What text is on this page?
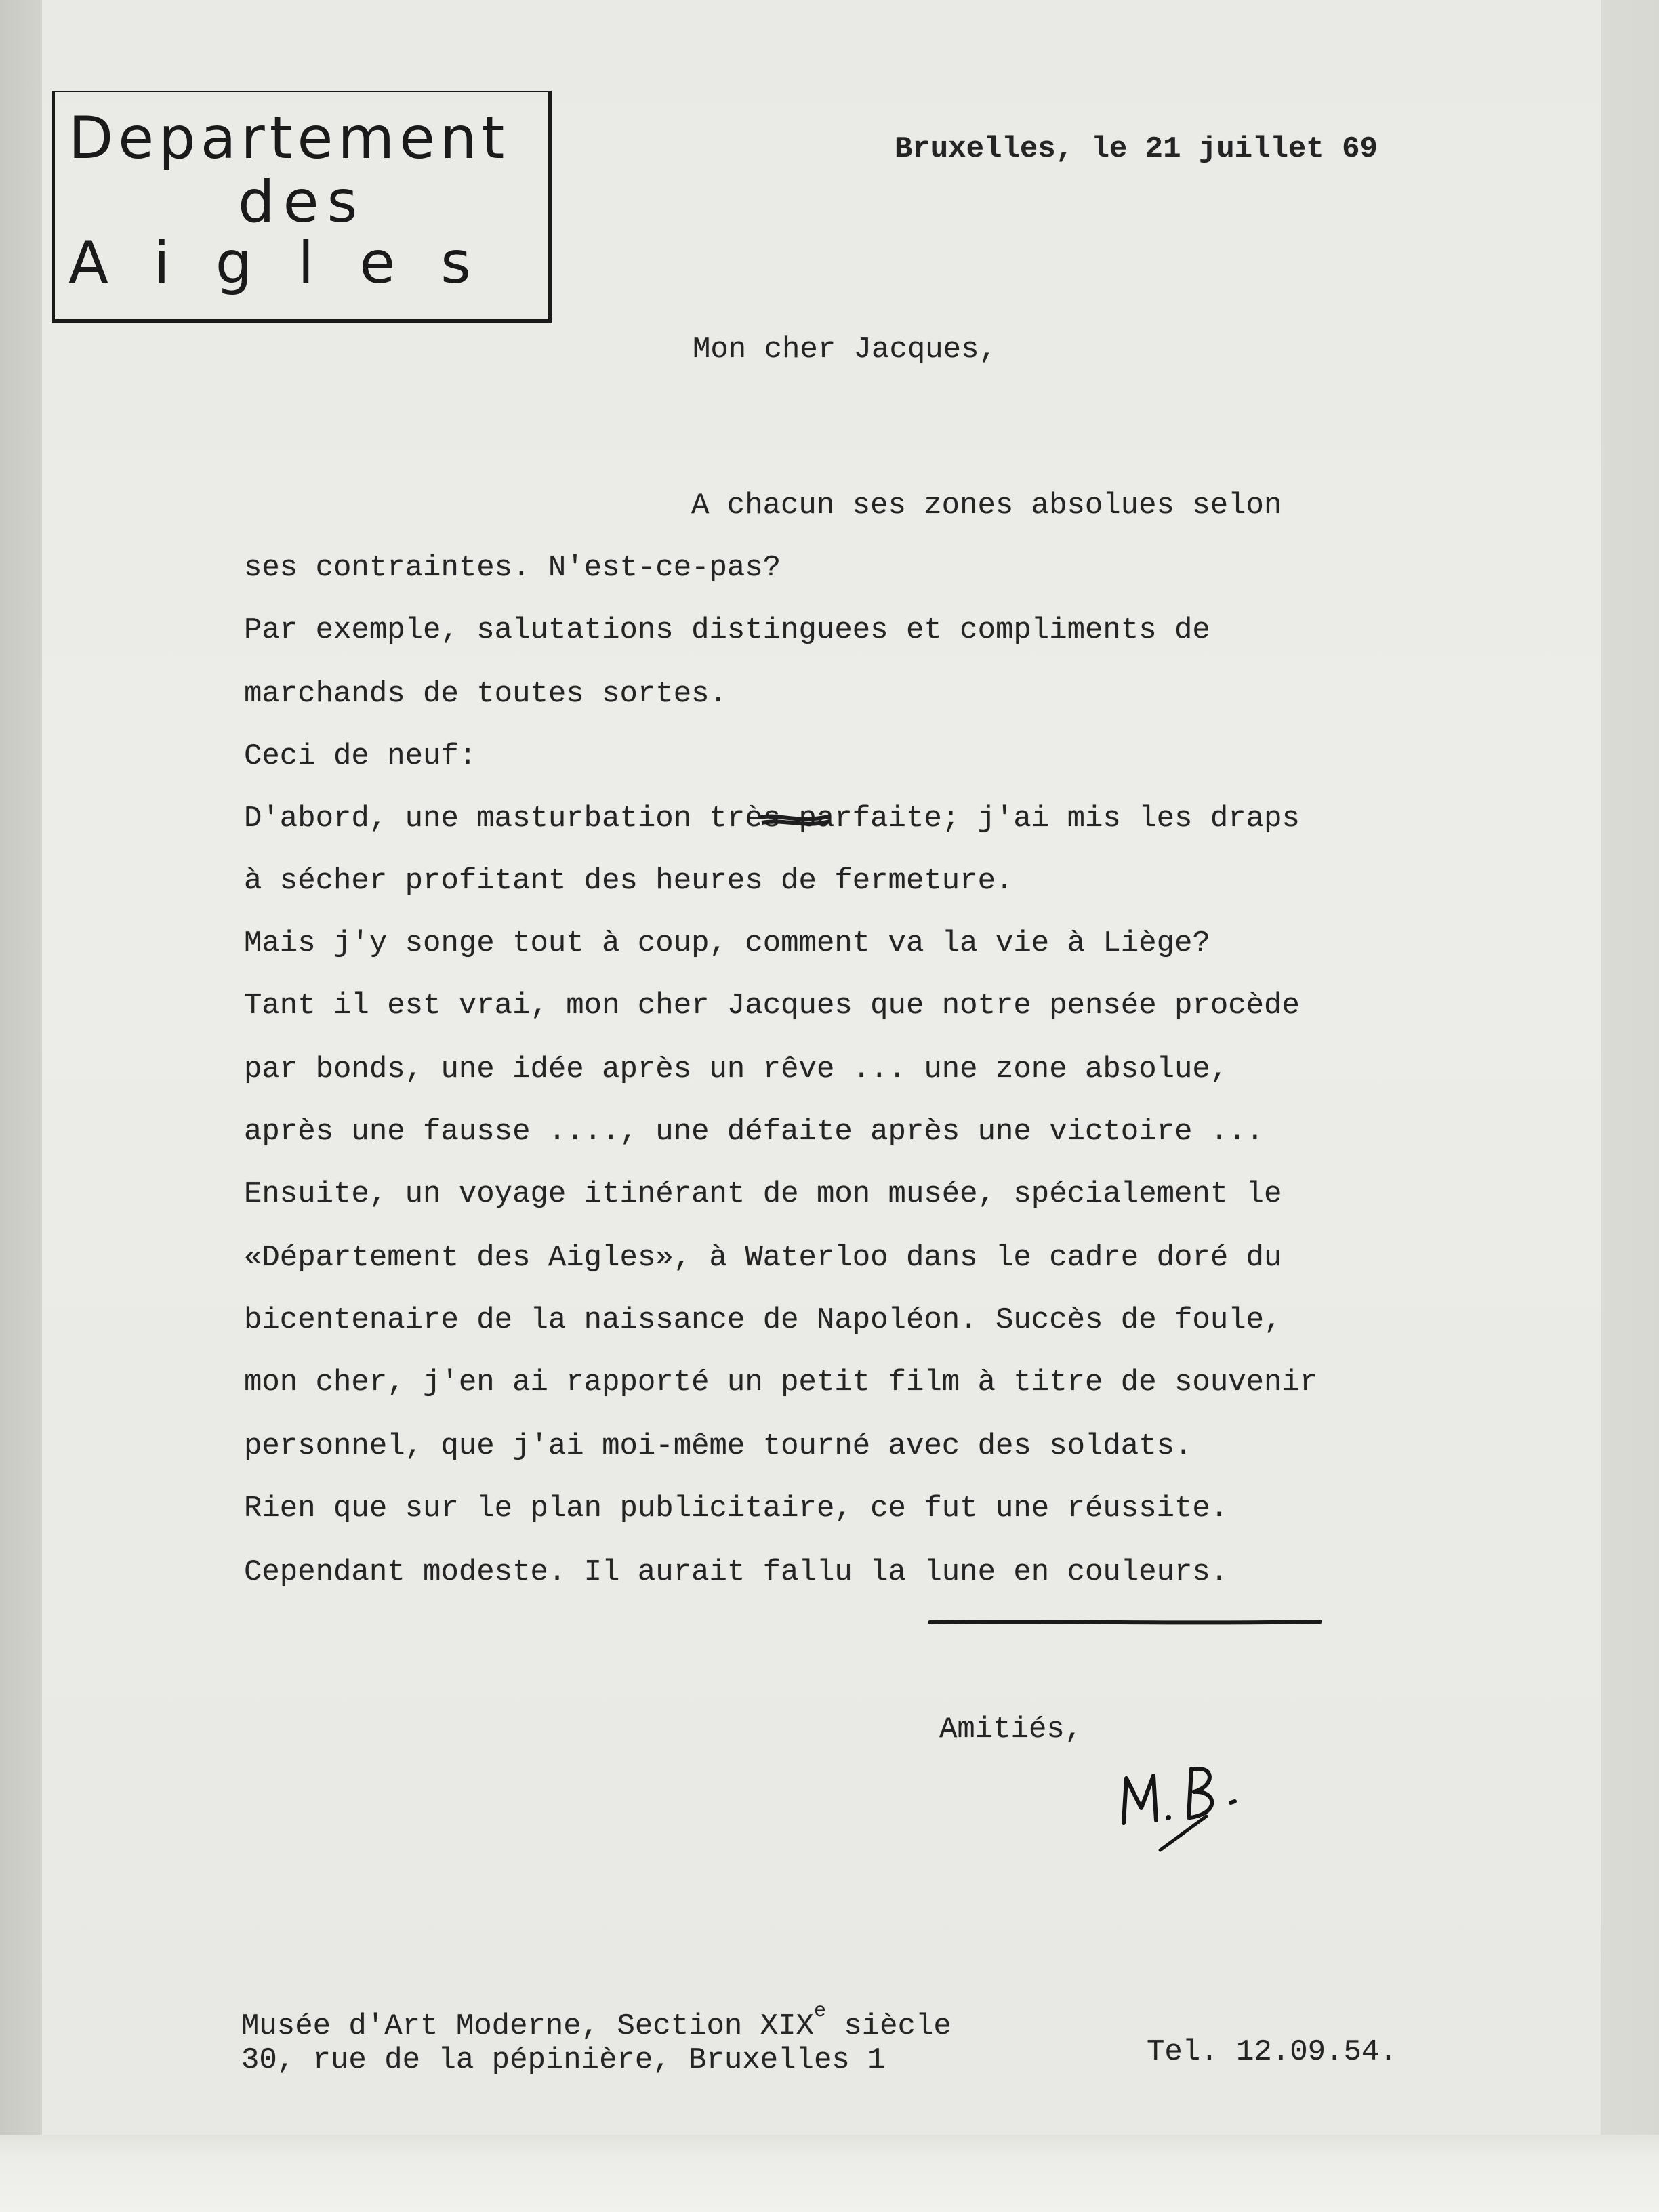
Departement
des
Aigles
Bruxelles, le 21 juillet 69
Mon cher Jacques,
A chacun ses zones absolues selon
ses contraintes. N'est-ce-pas?
Par exemple, salutations distinguees et compliments de
marchands de toutes sortes.
Ceci de neuf:
D'abord, une masturbation très parfaite; j'ai mis les draps
à sécher profitant des heures de fermeture.
Mais j'y songe tout à coup, comment va la vie à Liège?
Tant il est vrai, mon cher Jacques que notre pensée procède
par bonds, une idée après un rêve ... une zone absolue,
après une fausse ...., une défaite après une victoire ...
Ensuite, un voyage itinérant de mon musée, spécialement le
«Département des Aigles», à Waterloo dans le cadre doré du
bicentenaire de la naissance de Napoléon. Succès de foule,
mon cher, j'en ai rapporté un petit film à titre de souvenir
personnel, que j'ai moi-même tourné avec des soldats.
Rien que sur le plan publicitaire, ce fut une réussite.
Cependant modeste. Il aurait fallu la lune en couleurs.
Amitiés,
Musée d'Art Moderne, Section XIXe siècle
30, rue de la pépinière, Bruxelles 1	Tel. 12.09.54.
